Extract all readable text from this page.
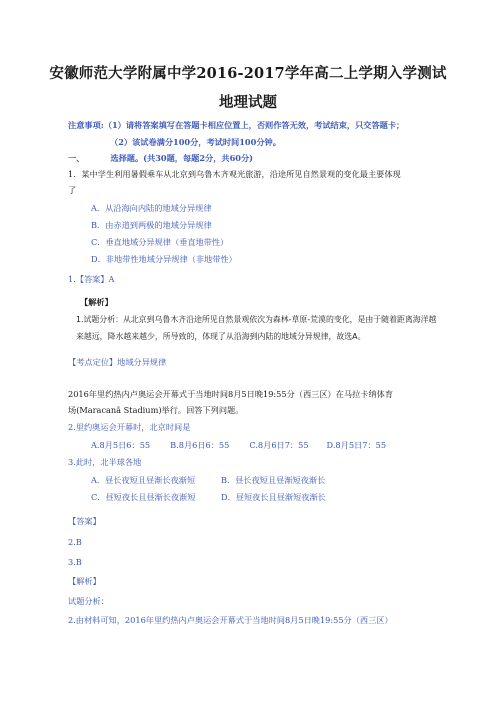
安徽师范大学附属中学2016-2017学年高二上学期入学测试
地理试题
注意事项:（1）请将答案填写在答题卡相应位置上，否则作答无效，考试结束，只交答题卡；
（2）该试卷满分100分，考试时间100分钟。
一、	选择题。(共30题，每题2分，共60分)
1．某中学生利用暑假乘车从北京到乌鲁木齐观光旅游，沿途所见自然景观的变化最主要体现
了
A．从沿海向内陆的地域分异规律
B．由赤道到两极的地域分异规律
C．垂直地域分异规律（垂直地带性）
D．非地带性地域分异规律（非地带性）
1.【答案】A
【解析】
1.试题分析：从北京到乌鲁木齐沿途所见自然景观依次为森林-草原-荒漠的变化，是由于随着距离海洋越
来越远，降水越来越少，所导致的，体现了从沿海到内陆的地域分异规律，故选A。
【考点定位】地域分异规律
2016年里约热内卢奥运会开幕式于当地时间8月5日晚19:55分（西三区）在马拉卡纳体育
场(Maracanã Stadium)举行。回答下列问题。
2.里约奥运会开幕时，北京时间是
A.8月5日6：55 B.8月6日6：55 C.8月6日7：55 D.8月5日7：55
3.此时，北半球各地
A．昼长夜短且昼渐长夜渐短	B．昼长夜短且昼渐短夜渐长
C．昼短夜长且昼渐长夜渐短	D．昼短夜长且昼渐短夜渐长
【答案】
2.B
3.B
【解析】
试题分析：
2.由材料可知，2016年里约热内卢奥运会开幕式于当地时间8月5日晚19:55分（西三区）
